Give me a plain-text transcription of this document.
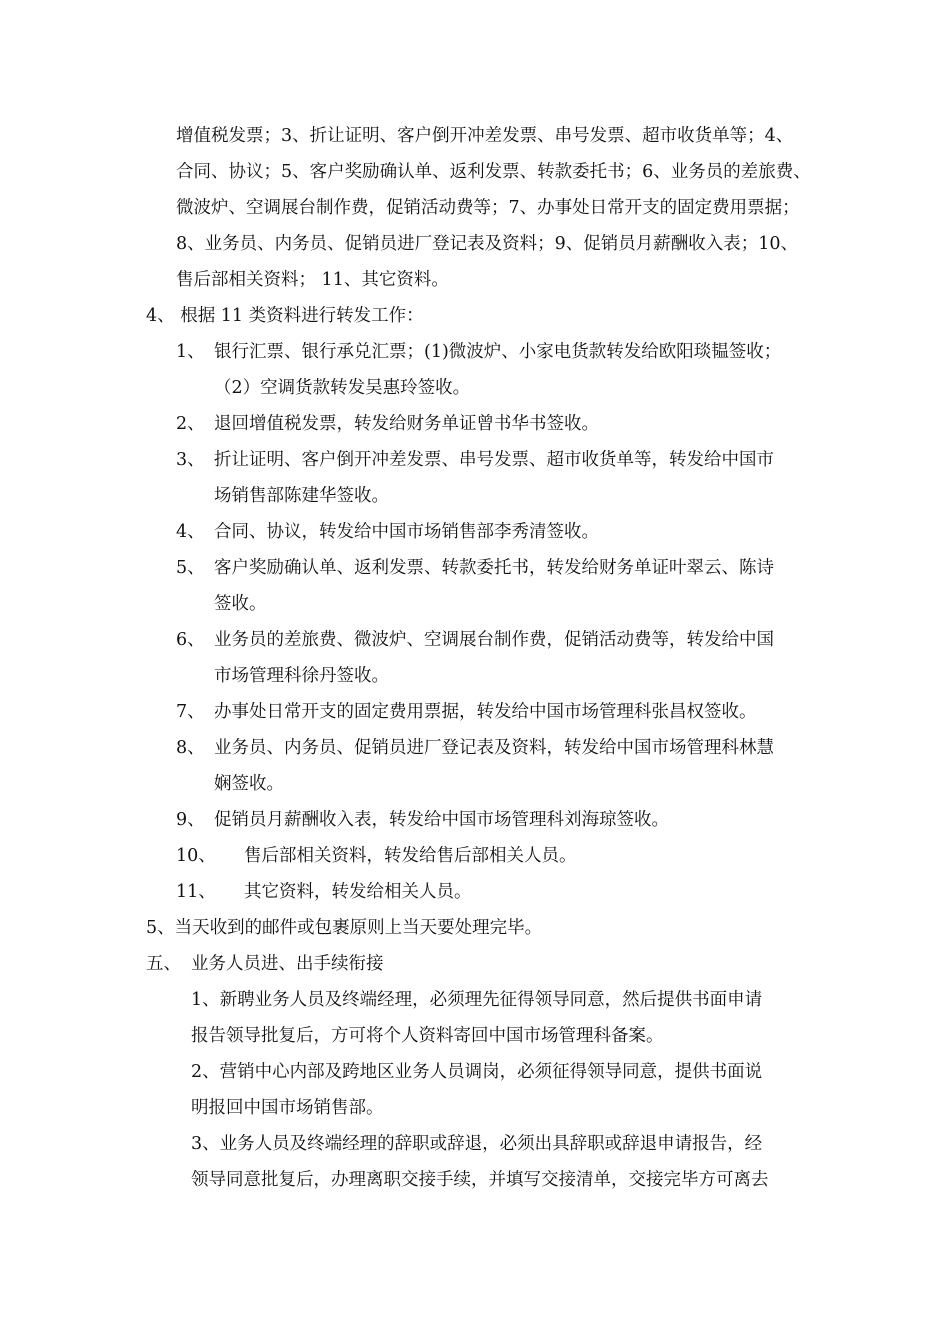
增值税发票；3、折让证明、客户倒开冲差发票、串号发票、超市收货单等；4、
合同、协议；5、客户奖励确认单、返利发票、转款委托书；6、业务员的差旅费、
微波炉、空调展台制作费，促销活动费等；7、办事处日常开支的固定费用票据；
8、业务员、内务员、促销员进厂登记表及资料；9、促销员月薪酬收入表；10、
售后部相关资料； 11、其它资料。
4、 根据 11 类资料进行转发工作：
1、 银行汇票、银行承兑汇票；(1)微波炉、小家电货款转发给欧阳琰韫签收；
（2）空调货款转发吴惠玲签收。
2、 退回增值税发票，转发给财务单证曾书华书签收。
3、 折让证明、客户倒开冲差发票、串号发票、超市收货单等，转发给中国市
场销售部陈建华签收。
4、 合同、协议，转发给中国市场销售部李秀清签收。
5、 客户奖励确认单、返利发票、转款委托书，转发给财务单证叶翠云、陈诗
签收。
6、 业务员的差旅费、微波炉、空调展台制作费，促销活动费等，转发给中国
市场管理科徐丹签收。
7、 办事处日常开支的固定费用票据，转发给中国市场管理科张昌权签收。
8、 业务员、内务员、促销员进厂登记表及资料，转发给中国市场管理科林慧
娴签收。
9、 促销员月薪酬收入表，转发给中国市场管理科刘海琼签收。
10、 售后部相关资料，转发给售后部相关人员。
11、 其它资料，转发给相关人员。
5、当天收到的邮件或包裹原则上当天要处理完毕。
五、 业务人员进、出手续衔接
1、新聘业务人员及终端经理，必须理先征得领导同意，然后提供书面申请
报告领导批复后，方可将个人资料寄回中国市场管理科备案。
2、营销中心内部及跨地区业务人员调岗，必须征得领导同意，提供书面说
明报回中国市场销售部。
3、业务人员及终端经理的辞职或辞退，必须出具辞职或辞退申请报告，经
领导同意批复后，办理离职交接手续，并填写交接清单，交接完毕方可离去
